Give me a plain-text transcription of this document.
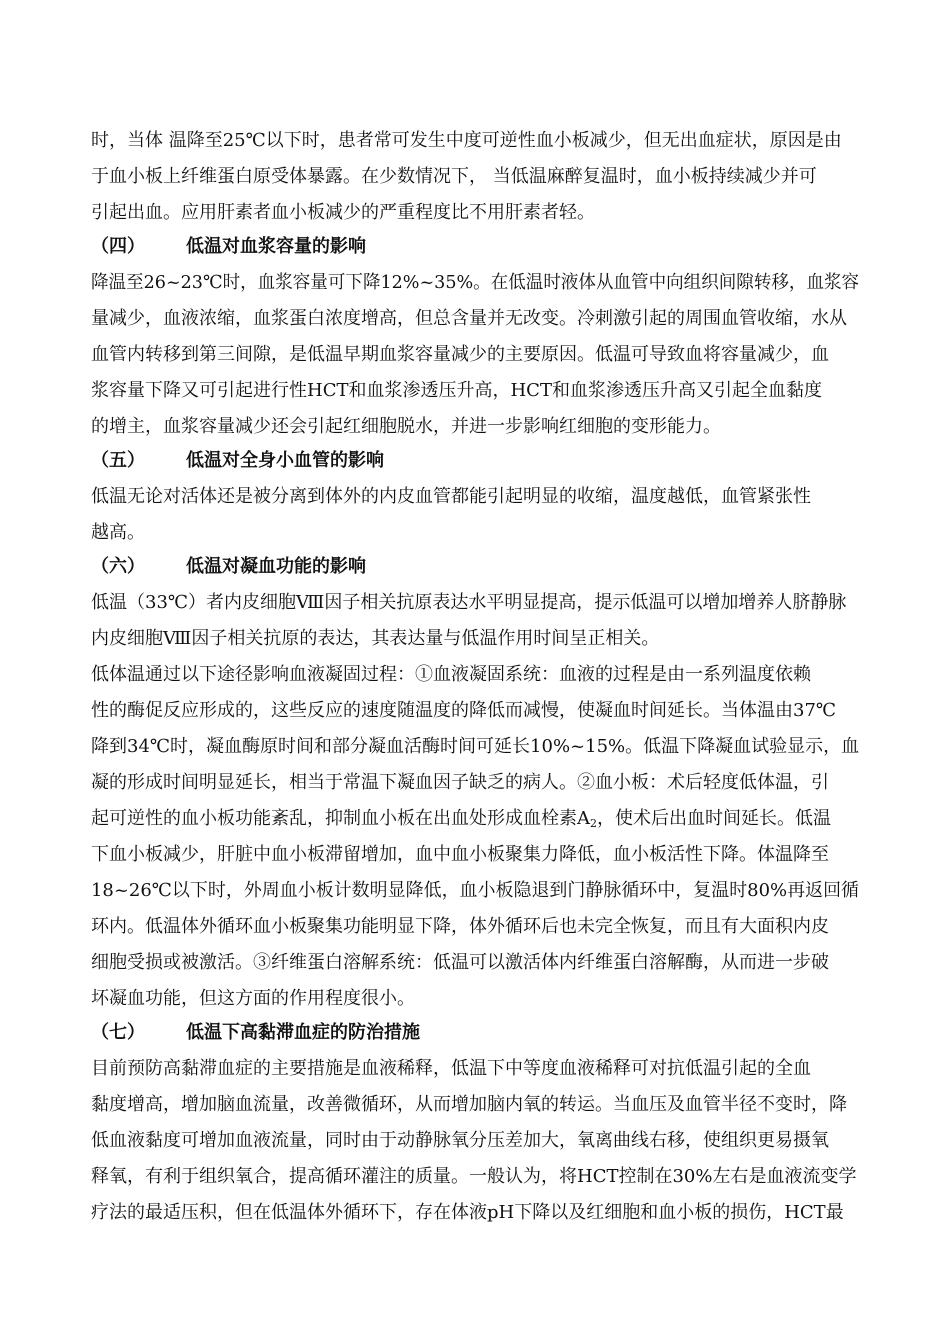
时，当体 温降至25℃以下时，患者常可发生中度可逆性血小板减少，但无出血症状，原因是由
于血小板上纤维蛋白原受体暴露。在少数情况下， 当低温麻醉复温时，血小板持续减少并可
引起出血。应用肝素者血小板减少的严重程度比不用肝素者轻。
（四） 低温对血浆容量的影响
降温至26~23℃时，血浆容量可下降12%~35%。在低温时液体从血管中向组织间隙转移，血浆容
量减少，血液浓缩，血浆蛋白浓度增高，但总含量并无改变。冷刺激引起的周围血管收缩，水从
血管内转移到第三间隙，是低温早期血浆容量减少的主要原因。低温可导致血将容量减少，血
浆容量下降又可引起进行性HCT和血浆渗透压升高，HCT和血浆渗透压升高又引起全血黏度
的增主，血浆容量减少还会引起红细胞脱水，并进一步影响红细胞的变形能力。
（五） 低温对全身小血管的影响
低温无论对活体还是被分离到体外的内皮血管都能引起明显的收缩，温度越低，血管紧张性
越高。
（六） 低温对凝血功能的影响
低温（33℃）者内皮细胞Ⅷ因子相关抗原表达水平明显提高，提示低温可以增加增养人脐静脉
内皮细胞Ⅷ因子相关抗原的表达，其表达量与低温作用时间呈正相关。
低体温通过以下途径影响血液凝固过程：①血液凝固系统：血液的过程是由一系列温度依赖
性的酶促反应形成的，这些反应的速度随温度的降低而减慢，使凝血时间延长。当体温由37℃
降到34℃时，凝血酶原时间和部分凝血活酶时间可延长10%~15%。低温下降凝血试验显示，血
凝的形成时间明显延长，相当于常温下凝血因子缺乏的病人。②血小板：术后轻度低体温，引
起可逆性的血小板功能紊乱，抑制血小板在出血处形成血栓素$A_2$，使术后出血时间延长。低温
下血小板减少，肝脏中血小板滞留增加，血中血小板聚集力降低，血小板活性下降。体温降至
18~26℃以下时，外周血小板计数明显降低，血小板隐退到门静脉循环中，复温时80%再返回循
环内。低温体外循环血小板聚集功能明显下降，体外循环后也未完全恢复，而且有大面积内皮
细胞受损或被激活。③纤维蛋白溶解系统：低温可以激活体内纤维蛋白溶解酶，从而进一步破
坏凝血功能，但这方面的作用程度很小。
（七） 低温下高黏滞血症的防治措施
目前预防高黏滞血症的主要措施是血液稀释，低温下中等度血液稀释可对抗低温引起的全血
黏度增高，增加脑血流量，改善微循环，从而增加脑内氧的转运。当血压及血管半径不变时，降
低血液黏度可增加血液流量，同时由于动静脉氧分压差加大，氧离曲线右移，使组织更易摄氧
释氧，有利于组织氧合，提高循环灌注的质量。一般认为，将HCT控制在30%左右是血液流变学
疗法的最适压积，但在低温体外循环下，存在体液pH下降以及红细胞和血小板的损伤，HCT最
